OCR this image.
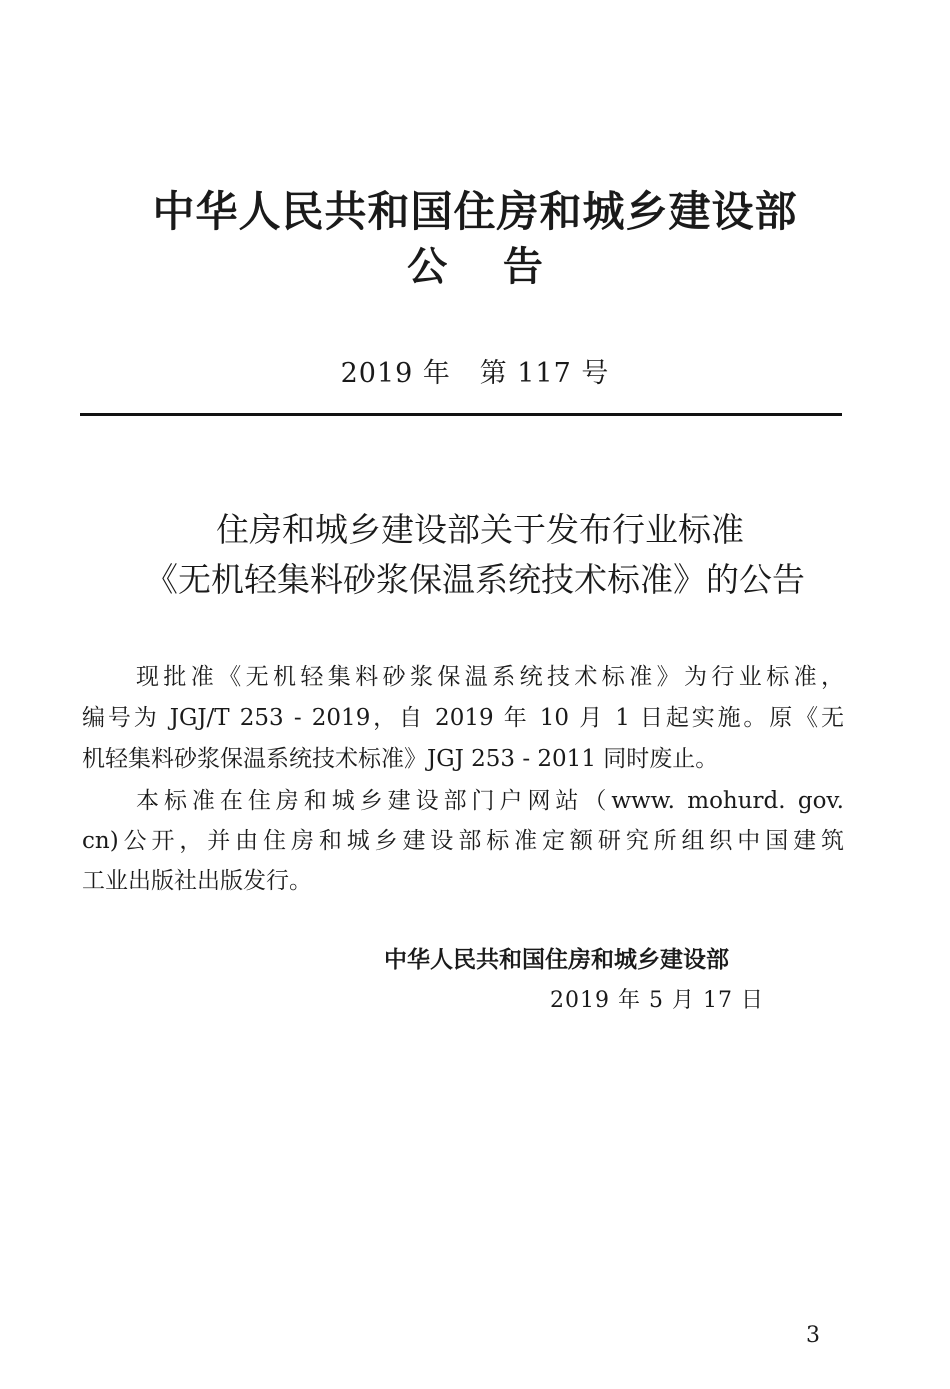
中华人民共和国住房和城乡建设部
公    告
2019 年   第 117 号
住房和城乡建设部关于发布行业标准
《无机轻集料砂浆保温系统技术标准》的公告
现批准《无机轻集料砂浆保温系统技术标准》为行业标准，
编号为 JGJ/T 253 - 2019，自 2019 年 10 月 1 日起实施。原《无
机轻集料砂浆保温系统技术标准》JGJ 253 - 2011 同时废止。
本标准在住房和城乡建设部门户网站（www. mohurd. gov.
cn)公开，并由住房和城乡建设部标准定额研究所组织中国建筑
工业出版社出版发行。
中华人民共和国住房和城乡建设部
2019 年 5 月 17 日
3
